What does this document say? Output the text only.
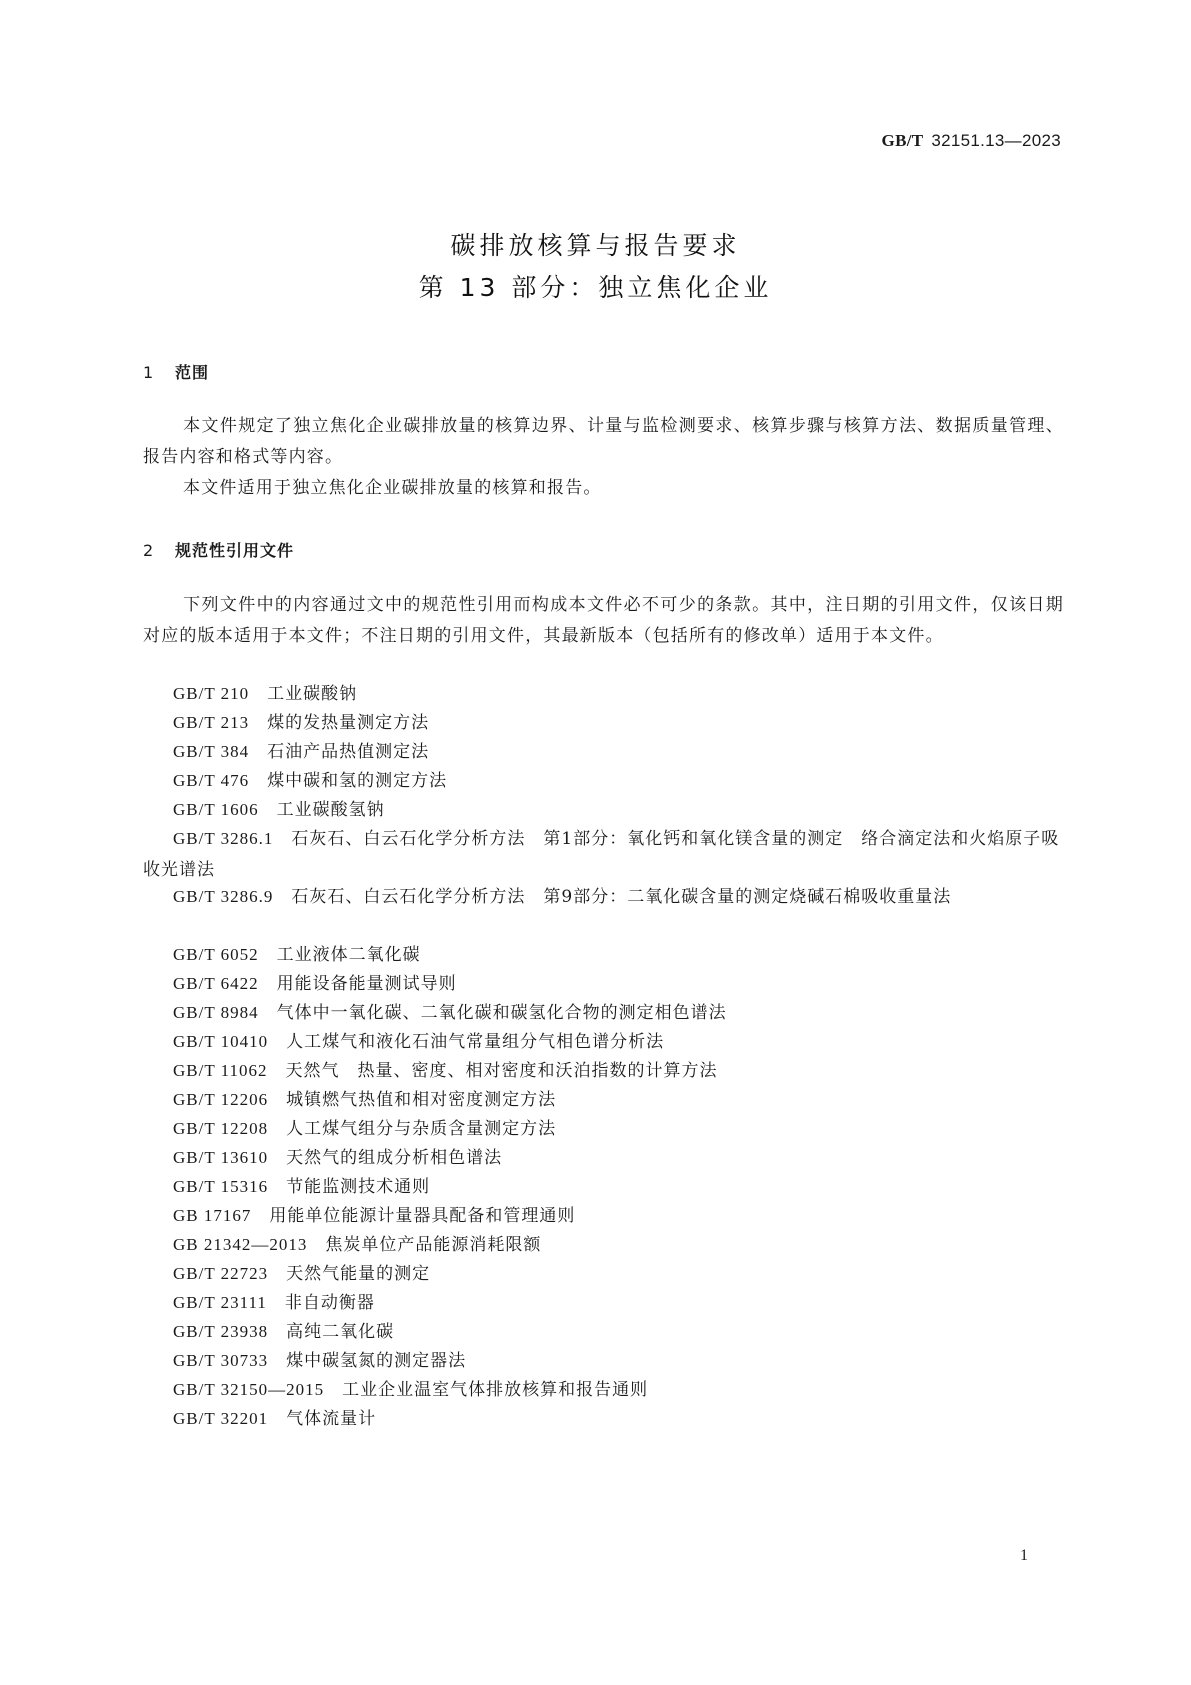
GB/T 32151.13—2023
碳排放核算与报告要求
第 13 部分：独立焦化企业
1 范围
本文件规定了独立焦化企业碳排放量的核算边界、计量与监检测要求、核算步骤与核算方法、数据质量管理、报告内容和格式等内容。
本文件适用于独立焦化企业碳排放量的核算和报告。
2 规范性引用文件
下列文件中的内容通过文中的规范性引用而构成本文件必不可少的条款。其中，注日期的引用文件，仅该日期对应的版本适用于本文件；不注日期的引用文件，其最新版本（包括所有的修改单）适用于本文件。
GB/T 210 工业碳酸钠
GB/T 213 煤的发热量测定方法
GB/T 384 石油产品热值测定法
GB/T 476 煤中碳和氢的测定方法
GB/T 1606 工业碳酸氢钠
GB/T 3286.1 石灰石、白云石化学分析方法　第1部分：氧化钙和氧化镁含量的测定　络合滴定法和火焰原子吸收光谱法
GB/T 3286.9 石灰石、白云石化学分析方法　第9部分：二氧化碳含量的测定烧碱石棉吸收重量法
GB/T 6052 工业液体二氧化碳
GB/T 6422 用能设备能量测试导则
GB/T 8984 气体中一氧化碳、二氧化碳和碳氢化合物的测定相色谱法
GB/T 10410 人工煤气和液化石油气常量组分气相色谱分析法
GB/T 11062 天然气　热量、密度、相对密度和沃泊指数的计算方法
GB/T 12206 城镇燃气热值和相对密度测定方法
GB/T 12208 人工煤气组分与杂质含量测定方法
GB/T 13610 天然气的组成分析相色谱法
GB/T 15316 节能监测技术通则
GB 17167 用能单位能源计量器具配备和管理通则
GB 21342—2013 焦炭单位产品能源消耗限额
GB/T 22723 天然气能量的测定
GB/T 23111 非自动衡器
GB/T 23938 高纯二氧化碳
GB/T 30733 煤中碳氢氮的测定器法
GB/T 32150—2015 工业企业温室气体排放核算和报告通则
GB/T 32201 气体流量计
1
